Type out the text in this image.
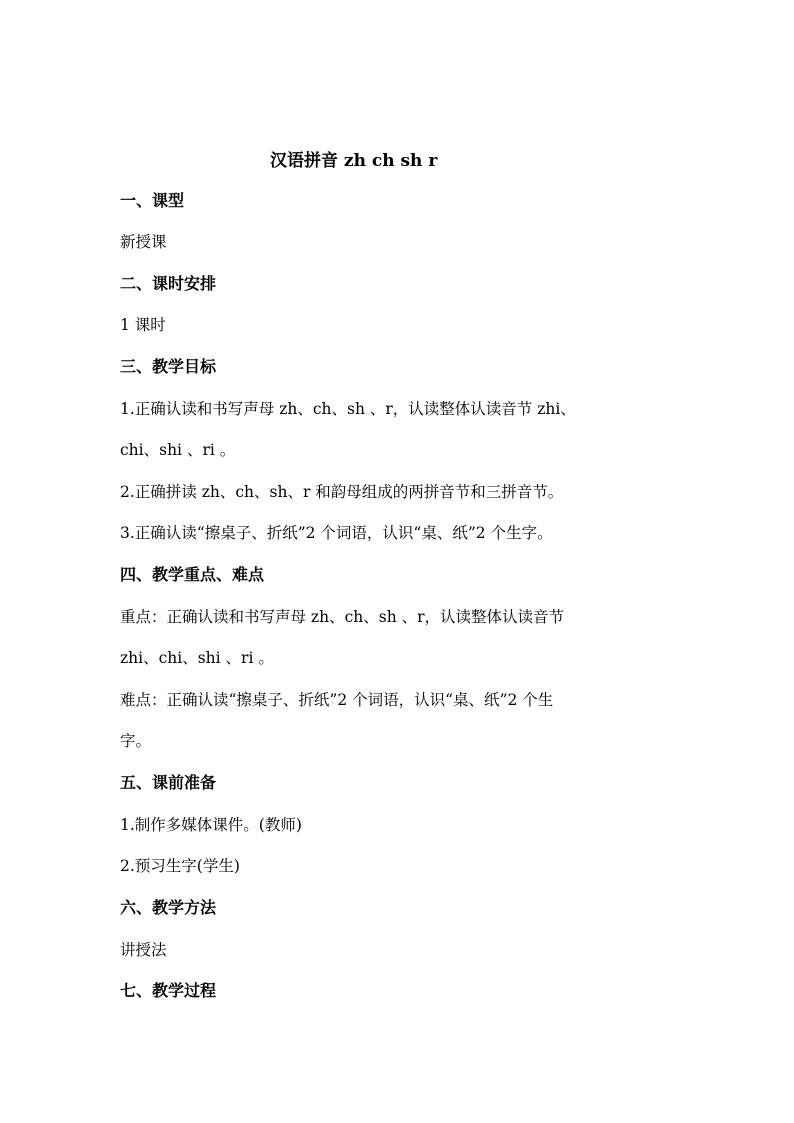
汉语拼音 zh ch sh r
一、课型
新授课
二、课时安排
1 课时
三、教学目标
1.正确认读和书写声母 zh、ch、sh 、r，认读整体认读音节 zhi、
chi、shi 、ri 。
2.正确拼读 zh、ch、sh、r 和韵母组成的两拼音节和三拼音节。
3.正确认读“擦桌子、折纸”2 个词语，认识“桌、纸”2 个生字。
四、教学重点、难点
重点：正确认读和书写声母 zh、ch、sh 、r，认读整体认读音节
zhi、chi、shi 、ri 。
难点：正确认读“擦桌子、折纸”2 个词语，认识“桌、纸”2 个生
字。
五、课前准备
1.制作多媒体课件。(教师)
2.预习生字(学生)
六、教学方法
讲授法
七、教学过程
